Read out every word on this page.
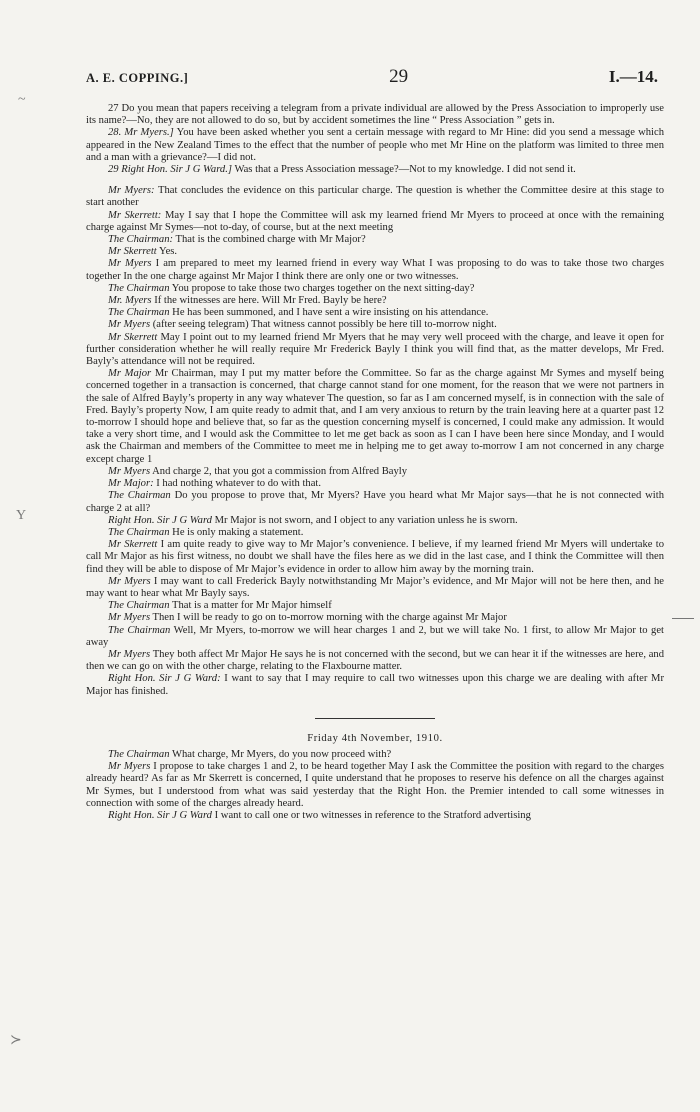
A. E. COPPING.]	29	I.—14.
~
Y
≻

27 Do you mean that papers receiving a telegram from a private individual are allowed by the Press Association to improperly use its name?—No, they are not allowed to do so, but by accident sometimes the line “ Press Association ” gets in.

28. Mr Myers.] You have been asked whether you sent a certain message with regard to Mr Hine: did you send a message which appeared in the New Zealand Times to the effect that the number of people who met Mr Hine on the platform was limited to three men and a man with a grievance?—I did not.

29 Right Hon. Sir J G Ward.] Was that a Press Association message?—Not to my knowledge. I did not send it.

Mr Myers: That concludes the evidence on this particular charge. The question is whether the Committee desire at this stage to start another

Mr Skerrett: May I say that I hope the Committee will ask my learned friend Mr Myers to proceed at once with the remaining charge against Mr Symes—not to-day, of course, but at the next meeting

The Chairman: That is the combined charge with Mr Major?

Mr Skerrett Yes.

Mr Myers I am prepared to meet my learned friend in every way What I was proposing to do was to take those two charges together In the one charge against Mr Major I think there are only one or two witnesses.

The Chairman You propose to take those two charges together on the next sitting-day?

Mr. Myers If the witnesses are here. Will Mr Fred. Bayly be here?

The Chairman He has been summoned, and I have sent a wire insisting on his attendance.

Mr Myers (after seeing telegram) That witness cannot possibly be here till to-morrow night.

Mr Skerrett May I point out to my learned friend Mr Myers that he may very well proceed with the charge, and leave it open for further consideration whether he will really require Mr Frederick Bayly I think you will find that, as the matter develops, Mr Fred. Bayly’s attendance will not be required.

Mr Major Mr Chairman, may I put my matter before the Committee. So far as the charge against Mr Symes and myself being concerned together in a transaction is concerned, that charge cannot stand for one moment, for the reason that we were not partners in the sale of Alfred Bayly’s property in any way whatever The question, so far as I am concerned myself, is in connection with the sale of Fred. Bayly’s property Now, I am quite ready to admit that, and I am very anxious to return by the train leaving here at a quarter past 12 to-morrow I should hope and believe that, so far as the question concerning myself is concerned, I could make any admission. It would take a very short time, and I would ask the Committee to let me get back as soon as I can I have been here since Monday, and I would ask the Chairman and members of the Committee to meet me in helping me to get away to-morrow I am not concerned in any charge except charge 1

Mr Myers And charge 2, that you got a commission from Alfred Bayly

Mr Major: I had nothing whatever to do with that.

The Chairman Do you propose to prove that, Mr Myers? Have you heard what Mr Major says—that he is not connected with charge 2 at all?

Right Hon. Sir J G Ward Mr Major is not sworn, and I object to any variation unless he is sworn.

The Chairman He is only making a statement.

Mr Skerrett I am quite ready to give way to Mr Major’s convenience. I believe, if my learned friend Mr Myers will undertake to call Mr Major as his first witness, no doubt we shall have the files here as we did in the last case, and I think the Committee will then find they will be able to dispose of Mr Major’s evidence in order to allow him away by the morning train.

Mr Myers I may want to call Frederick Bayly notwithstanding Mr Major’s evidence, and Mr Major will not be here then, and he may want to hear what Mr Bayly says.

The Chairman That is a matter for Mr Major himself

Mr Myers Then I will be ready to go on to-morrow morning with the charge against Mr Major

The Chairman Well, Mr Myers, to-morrow we will hear charges 1 and 2, but we will take No. 1 first, to allow Mr Major to get away

Mr Myers They both affect Mr Major He says he is not concerned with the second, but we can hear it if the witnesses are here, and then we can go on with the other charge, relating to the Flaxbourne matter.

Right Hon. Sir J G Ward: I want to say that I may require to call two witnesses upon this charge we are dealing with after Mr Major has finished.

Friday 4th November, 1910.

The Chairman What charge, Mr Myers, do you now proceed with?

Mr Myers I propose to take charges 1 and 2, to be heard together May I ask the Committee the position with regard to the charges already heard? As far as Mr Skerrett is concerned, I quite understand that he proposes to reserve his defence on all the charges against Mr Symes, but I understood from what was said yesterday that the Right Hon. the Premier intended to call some witnesses in connection with some of the charges already heard.

Right Hon. Sir J G Ward I want to call one or two witnesses in reference to the Stratford advertising
